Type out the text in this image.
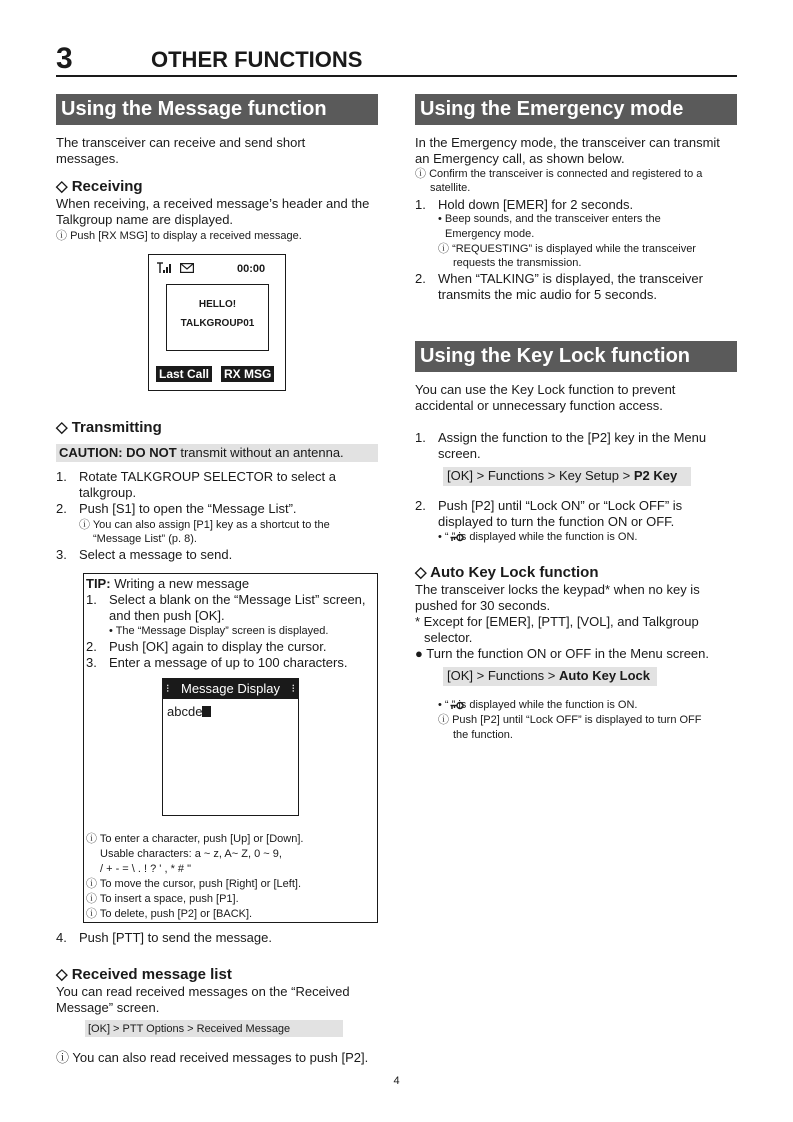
3	OTHER FUNCTIONS
Using the Message function
The transceiver can receive and send short
messages.
◇ Receiving
When receiving, a received message’s header and the
Talkgroup name are displayed.
ⓘ Push [RX MSG] to display a received message.
00:00
HELLO!
TALKGROUP01
Last Call RX MSG
◇ Transmitting
CAUTION: DO NOT transmit without an antenna.
1. Rotate TALKGROUP SELECTOR to select a
talkgroup.
2. Push [S1] to open the “Message List”.
ⓘ You can also assign [P1] key as a shortcut to the
“Message List” (p. 8).
3. Select a message to send.
TIP: Writing a new message
1. Select a blank on the “Message List” screen,
and then push [OK].
• The “Message Display” screen is displayed.
2. Push [OK] again to display the cursor.
3. Enter a message of up to 100 characters.
⁝ Message Display ⁝
abcde
ⓘ To enter a character, push [Up] or [Down].
Usable characters: a ~ z, A~ Z, 0 ~ 9,
/ + - = \ . ! ? ' , * # "
ⓘ To move the cursor, push [Right] or [Left].
ⓘ To insert a space, push [P1].
ⓘ To delete, push [P2] or [BACK].
4. Push [PTT] to send the message.
◇ Received message list
You can read received messages on the “Received
Message” screen.
[OK] > PTT Options > Received Message
ⓘ You can also read received messages to push [P2].
Using the Emergency mode
In the Emergency mode, the transceiver can transmit
an Emergency call, as shown below.
ⓘ Confirm the transceiver is connected and registered to a
satellite.
1. Hold down [EMER] for 2 seconds.
• Beep sounds, and the transceiver enters the
Emergency mode.
ⓘ “REQUESTING” is displayed while the transceiver
requests the transmission.
2. When “TALKING” is displayed, the transceiver
transmits the mic audio for 5 seconds.
Using the Key Lock function
You can use the Key Lock function to prevent
accidental or unnecessary function access.
1. Assign the function to the [P2] key in the Menu
screen.
[OK] > Functions > Key Setup > P2 Key
2. Push [P2] until “Lock ON” or “Lock OFF” is
displayed to turn the function ON or OFF.
• “ ” is displayed while the function is ON.
◇ Auto Key Lock function
The transceiver locks the keypad* when no key is
pushed for 30 seconds.
* Except for [EMER], [PTT], [VOL], and Talkgroup
selector.
● Turn the function ON or OFF in the Menu screen.
[OK] > Functions > Auto Key Lock
• “ ” is displayed while the function is ON.
ⓘ Push [P2] until “Lock OFF” is displayed to turn OFF
the function.
4
